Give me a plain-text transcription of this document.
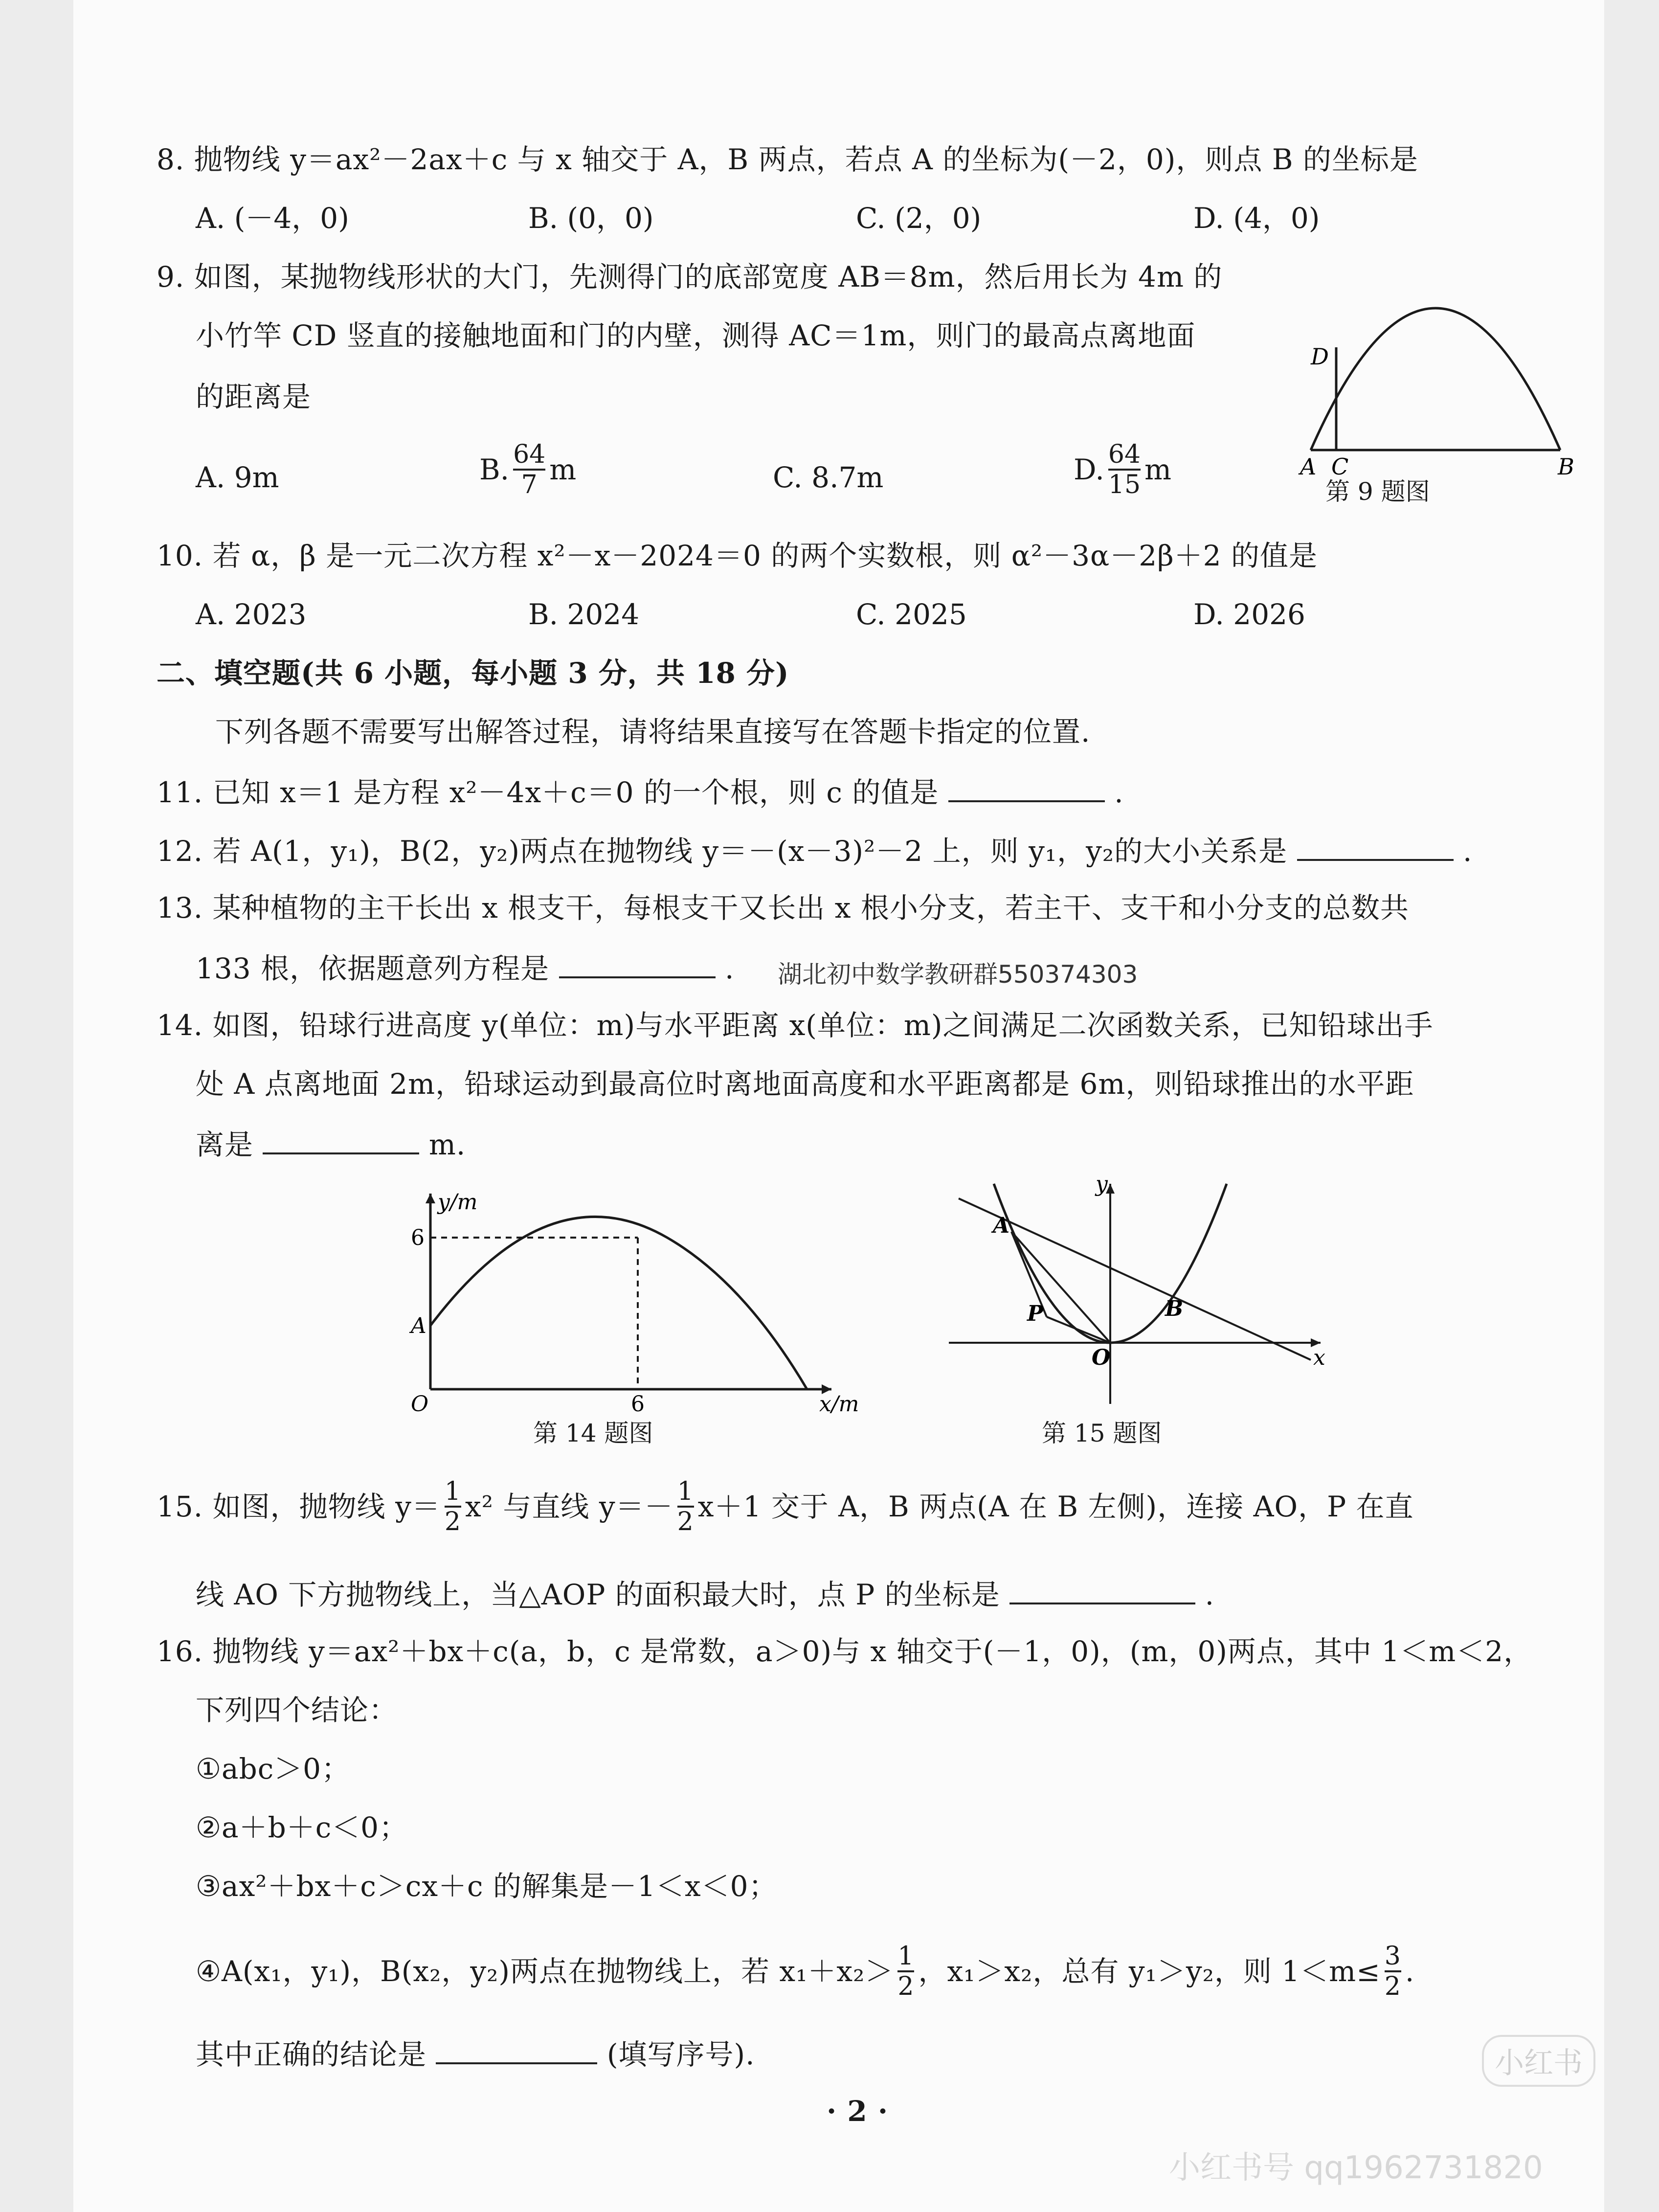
8. 抛物线 y＝ax²－2ax＋c 与 x 轴交于 A，B 两点，若点 A 的坐标为(－2，0)，则点 B 的坐标是
A. (－4，0)	B. (0，0)	C. (2，0)	D. (4，0)
9. 如图，某抛物线形状的大门，先测得门的底部宽度 AB＝8m，然后用长为 4m 的
小竹竿 CD 竖直的接触地面和门的内壁，测得 AC＝1m，则门的最高点离地面
的距离是
A. 9m	B. $\frac{64}{7}$ m	C. 8.7m	D. $\frac{64}{15}$ m
D
A C	B
第 9 题图
10. 若 α，β 是一元二次方程 x²－x－2024＝0 的两个实数根，则 α²－3α－2β＋2 的值是
A. 2023	B. 2024	C. 2025	D. 2026
二、填空题(共 6 小题，每小题 3 分，共 18 分)
下列各题不需要写出解答过程，请将结果直接写在答题卡指定的位置.
11. 已知 x＝1 是方程 x²－4x＋c＝0 的一个根，则 c 的值是	.
12. 若 A(1，y₁)，B(2，y₂)两点在抛物线 y＝－(x－3)²－2 上，则 y₁，y₂的大小关系是	.
13. 某种植物的主干长出 x 根支干，每根支干又长出 x 根小分支，若主干、支干和小分支的总数共
133 根，依据题意列方程是	. 湖北初中数学教研群550374303
14. 如图，铅球行进高度 y(单位：m)与水平距离 x(单位：m)之间满足二次函数关系，已知铅球出手
处 A 点离地面 2m，铅球运动到最高位时离地面高度和水平距离都是 6m，则铅球推出的水平距
离是	m.
y/m
x/m
6
6
A
O
第 14 题图
y
x
A
P
O
B
第 15 题图
15. 如图，抛物线 $y= \frac{1}{2} x^2$ 与直线 $y=- \frac{1}{2} x+1$ 交于 A，B 两点(A 在 B 左侧)，连接 AO，P 在直
线 AO 下方抛物线上，当△AOP 的面积最大时，点 P 的坐标是	.
16. 抛物线 y＝ax²＋bx＋c(a，b，c 是常数，a＞0)与 x 轴交于(－1，0)，(m，0)两点，其中 1＜m＜2，
下列四个结论：
①abc＞0；
②a＋b＋c＜0；
③ax²＋bx＋c＞cx＋c 的解集是－1＜x＜0；
④A(x₁，y₁)，B(x₂，y₂)两点在抛物线上，若 $x_1+x_2> \frac{1}{2}$ ，x₁＞x₂，总有 y₁＞y₂，则 $1<m\le \frac{3}{2}$ .
其中正确的结论是	(填写序号).
· 2 ·
小红书
小红书号 qq1962731820
